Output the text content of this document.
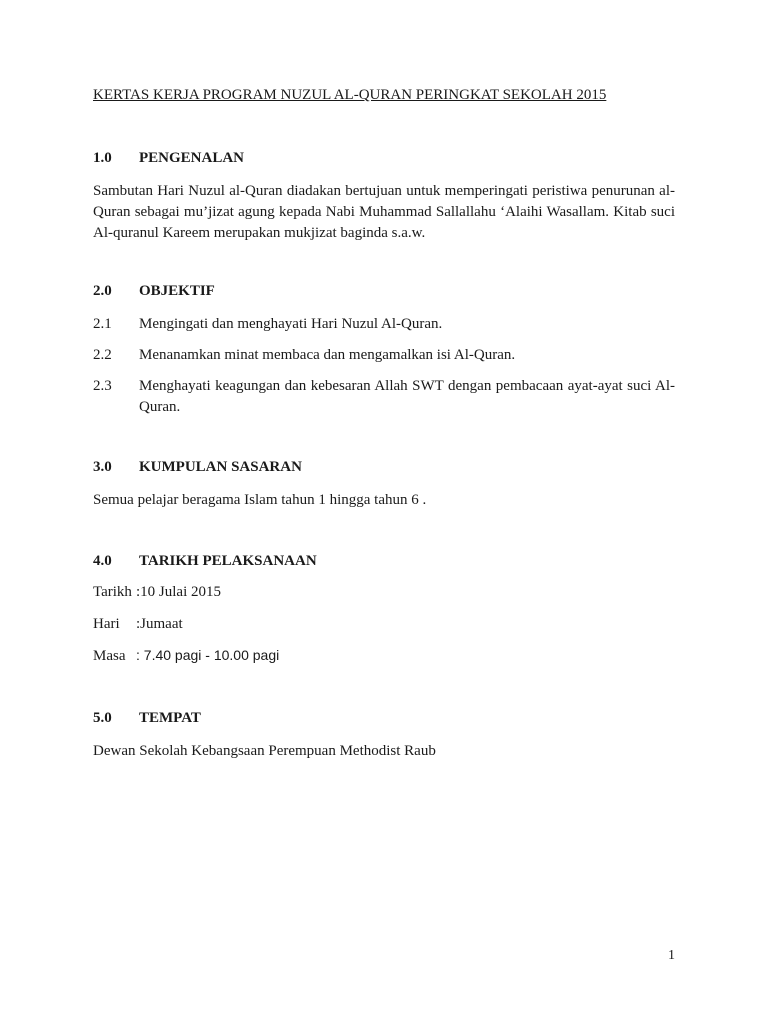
KERTAS KERJA PROGRAM NUZUL AL-QURAN PERINGKAT SEKOLAH 2015
1.0 PENGENALAN
Sambutan Hari Nuzul al-Quran diadakan bertujuan untuk memperingati peristiwa penurunan al-Quran sebagai mu’jizat agung kepada Nabi Muhammad Sallallahu ‘Alaihi Wasallam. Kitab suci Al-quranul Kareem merupakan mukjizat baginda s.a.w.
2.0 OBJEKTIF
2.1 Mengingati dan menghayati Hari Nuzul Al-Quran.
2.2 Menanamkan minat membaca dan mengamalkan isi Al-Quran.
2.3 Menghayati keagungan dan kebesaran Allah SWT dengan pembacaan ayat-ayat suci Al-Quran.
3.0 KUMPULAN SASARAN
Semua pelajar beragama Islam tahun 1 hingga tahun 6 .
4.0 TARIKH PELAKSANAAN
Tarikh :10 Julai 2015
Hari :Jumaat
Masa : 7.40 pagi - 10.00 pagi
5.0 TEMPAT
Dewan Sekolah Kebangsaan Perempuan Methodist Raub
1
